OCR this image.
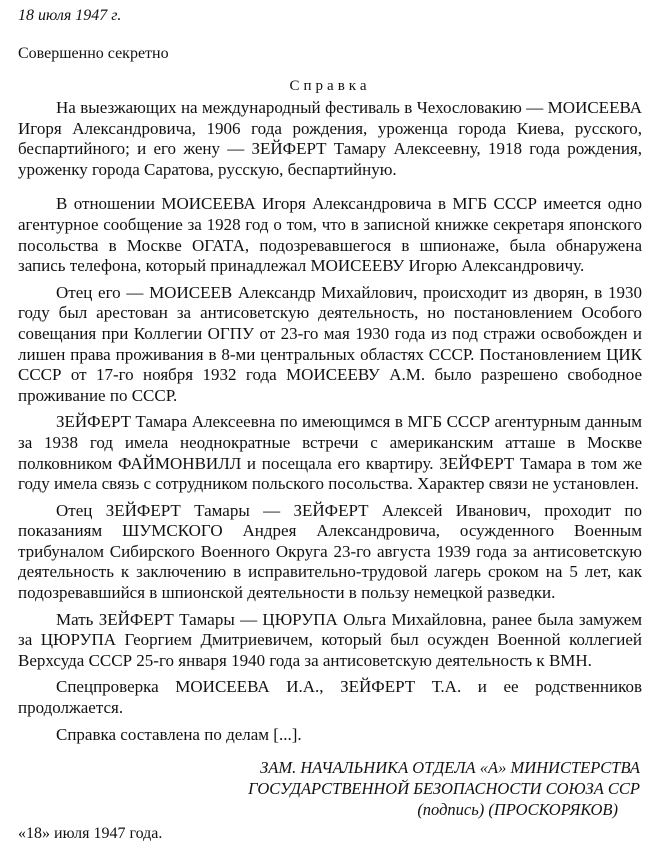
18 июля 1947 г.
Совершенно секретно
Справка

На выезжающих на международный фестиваль в Чехословакию — МОИСЕЕВА Игоря Александровича, 1906 года рождения, уроженца города Киева, русского, беспартийного; и его жену — ЗЕЙФЕРТ Тамару Алексеевну, 1918 года рождения, уроженку города Саратова, русскую, беспартийную.

В отношении МОИСЕЕВА Игоря Александровича в МГБ СССР имеется одно агентурное сообщение за 1928 год о том, что в записной книжке секретаря японского посольства в Москве ОГАТА, подозревавшегося в шпионаже, была обнаружена запись телефона, который принадлежал МОИСЕЕВУ Игорю Александровичу.

Отец его — МОИСЕЕВ Александр Михайлович, происходит из дворян, в 1930 году был арестован за антисоветскую деятельность, но постановлением Особого совещания при Коллегии ОГПУ от 23-го мая 1930 года из под стражи освобожден и лишен права проживания в 8-ми центральных областях СССР. Постановлением ЦИК СССР от 17-го ноября 1932 года МОИСЕЕВУ А.М. было разрешено свободное проживание по СССР.

ЗЕЙФЕРТ Тамара Алексеевна по имеющимся в МГБ СССР агентурным данным за 1938 год имела неоднократные встречи с американским атташе в Москве полковником ФАЙМОНВИЛЛ и посещала его квартиру. ЗЕЙФЕРТ Тамара в том же году имела связь с сотрудником польского посольства. Характер связи не установлен.

Отец ЗЕЙФЕРТ Тамары — ЗЕЙФЕРТ Алексей Иванович, проходит по показаниям ШУМСКОГО Андрея Александровича, осужденного Военным трибуналом Сибирского Военного Округа 23-го августа 1939 года за антисоветскую деятельность к заключению в исправительно-трудовой лагерь сроком на 5 лет, как подозревавшийся в шпионской деятельности в пользу немецкой разведки.

Мать ЗЕЙФЕРТ Тамары — ЦЮРУПА Ольга Михайловна, ранее была замужем за ЦЮРУПА Георгием Дмитриевичем, который был осужден Военной коллегией Верхсуда СССР 25-го января 1940 года за антисоветскую деятельность к ВМН.

Спецпроверка МОИСЕЕВА И.А., ЗЕЙФЕРТ Т.А. и ее родственников продолжается.

Справка составлена по делам [...].

ЗАМ. НАЧАЛЬНИКА ОТДЕЛА «А» МИНИСТЕРСТВА
ГОСУДАРСТВЕННОЙ БЕЗОПАСНОСТИ СОЮЗА ССР
(подпись) (ПРОСКОРЯКОВ)
«18» июля 1947 года.
